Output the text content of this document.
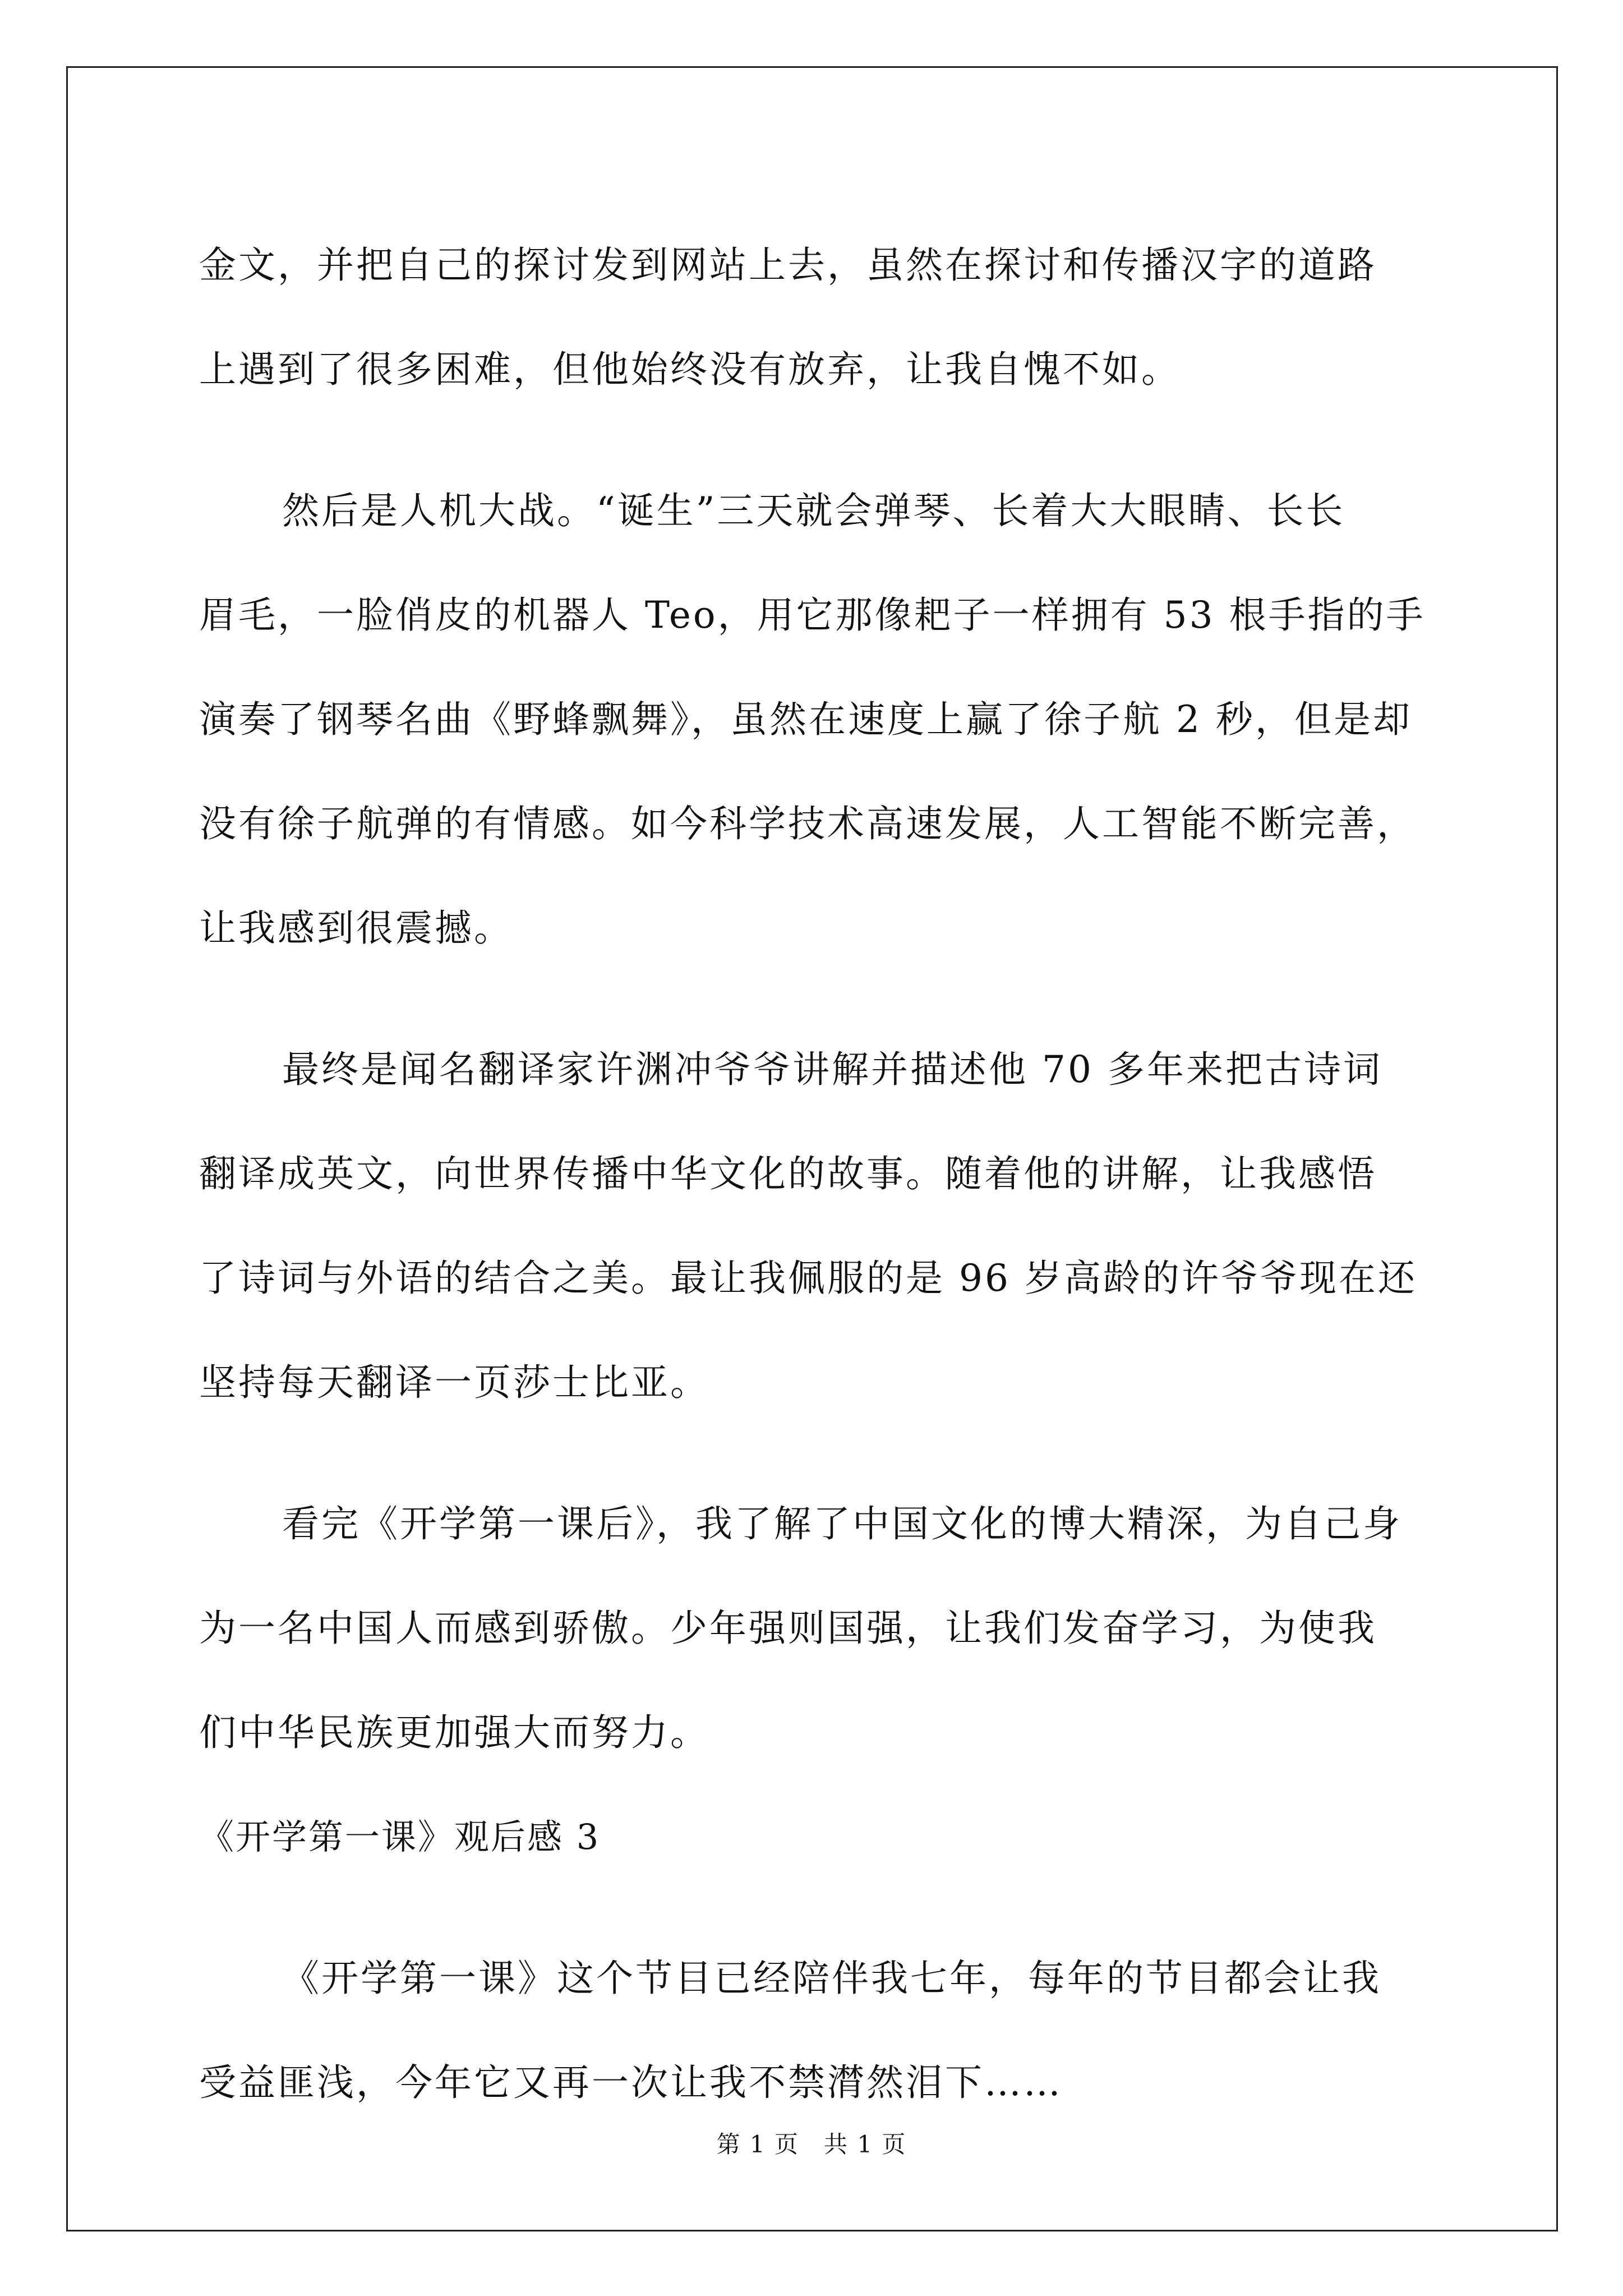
金文，并把自己的探讨发到网站上去，虽然在探讨和传播汉字的道路
上遇到了很多困难，但他始终没有放弃，让我自愧不如。
然后是人机大战。“诞生”三天就会弹琴、长着大大眼睛、长长
眉毛，一脸俏皮的机器人 Teo，用它那像耙子一样拥有 53 根手指的手
演奏了钢琴名曲《野蜂飘舞》，虽然在速度上赢了徐子航 2 秒，但是却
没有徐子航弹的有情感。如今科学技术高速发展，人工智能不断完善，
让我感到很震撼。
最终是闻名翻译家许渊冲爷爷讲解并描述他 70 多年来把古诗词
翻译成英文，向世界传播中华文化的故事。随着他的讲解，让我感悟
了诗词与外语的结合之美。最让我佩服的是 96 岁高龄的许爷爷现在还
坚持每天翻译一页莎士比亚。
看完《开学第一课后》，我了解了中国文化的博大精深，为自己身
为一名中国人而感到骄傲。少年强则国强，让我们发奋学习，为使我
们中华民族更加强大而努力。
《开学第一课》观后感 3
《开学第一课》这个节目已经陪伴我七年，每年的节目都会让我
受益匪浅，今年它又再一次让我不禁潸然泪下……
第 1 页　共 1 页
